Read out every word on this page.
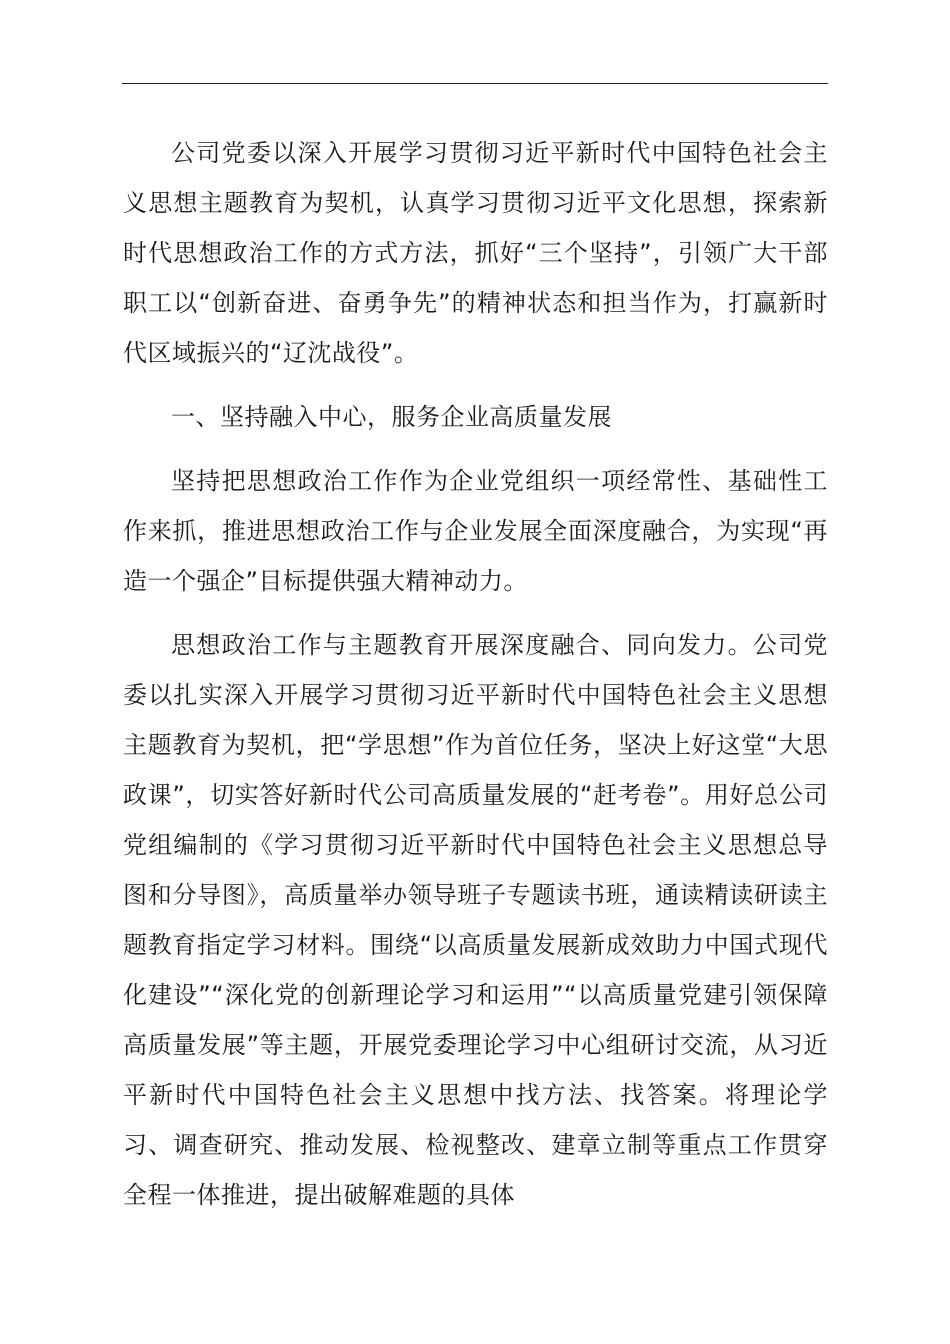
公司党委以深入开展学习贯彻习近平新时代中国特色社会主义思想主题教育为契机，认真学习贯彻习近平文化思想，探索新时代思想政治工作的方式方法，抓好“三个坚持”，引领广大干部职工以“创新奋进、奋勇争先”的精神状态和担当作为，打赢新时代区域振兴的“辽沈战役”。

一、坚持融入中心，服务企业高质量发展

坚持把思想政治工作作为企业党组织一项经常性、基础性工作来抓，推进思想政治工作与企业发展全面深度融合，为实现“再造一个强企”目标提供强大精神动力。

思想政治工作与主题教育开展深度融合、同向发力。公司党委以扎实深入开展学习贯彻习近平新时代中国特色社会主义思想主题教育为契机，把“学思想”作为首位任务，坚决上好这堂“大思政课”，切实答好新时代公司高质量发展的“赶考卷”。用好总公司党组编制的《学习贯彻习近平新时代中国特色社会主义思想总导图和分导图》，高质量举办领导班子专题读书班，通读精读研读主题教育指定学习材料。围绕“以高质量发展新成效助力中国式现代化建设”“深化党的创新理论学习和运用”“以高质量党建引领保障高质量发展”等主题，开展党委理论学习中心组研讨交流，从习近平新时代中国特色社会主义思想中找方法、找答案。将理论学习、调查研究、推动发展、检视整改、建章立制等重点工作贯穿全程一体推进，提出破解难题的具体
